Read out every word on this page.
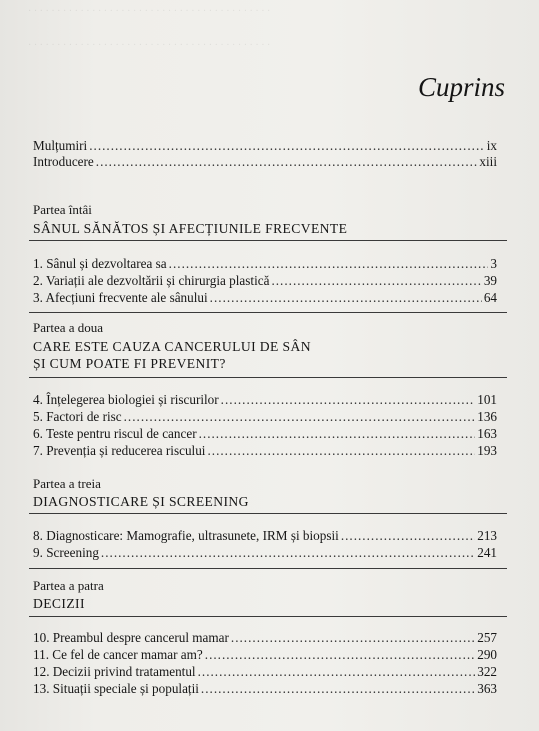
· · · · · · · · · · · · · · · · · · · · · · · · · · · · · · · · · · · · · · · · · ·
· · · · · · · · · · · · · · · · · · · · · · · · · · · · · · · · · · · · · · · · · ·
Cuprins
Mulțumiri .....	ix
Introducere .....	xiii
Partea întâi
SÂNUL SĂNĂTOS ȘI AFECȚIUNILE FRECVENTE
1. Sânul și dezvoltarea sa .....	3
2. Variații ale dezvoltării și chirurgia plastică .....	39
3. Afecțiuni frecvente ale sânului .....	64
Partea a doua
CARE ESTE CAUZA CANCERULUI DE SÂN
ȘI CUM POATE FI PREVENIT?
4. Înțelegerea biologiei și riscurilor .....	101
5. Factori de risc .....	136
6. Teste pentru riscul de cancer .....	163
7. Prevenția și reducerea riscului .....	193
Partea a treia
DIAGNOSTICARE ȘI SCREENING
8. Diagnosticare: Mamografie, ultrasunete, IRM și biopsii .....	213
9. Screening .....	241
Partea a patra
DECIZII
10. Preambul despre cancerul mamar .....	257
11. Ce fel de cancer mamar am? .....	290
12. Decizii privind tratamentul .....	322
13. Situații speciale și populații .....	363
